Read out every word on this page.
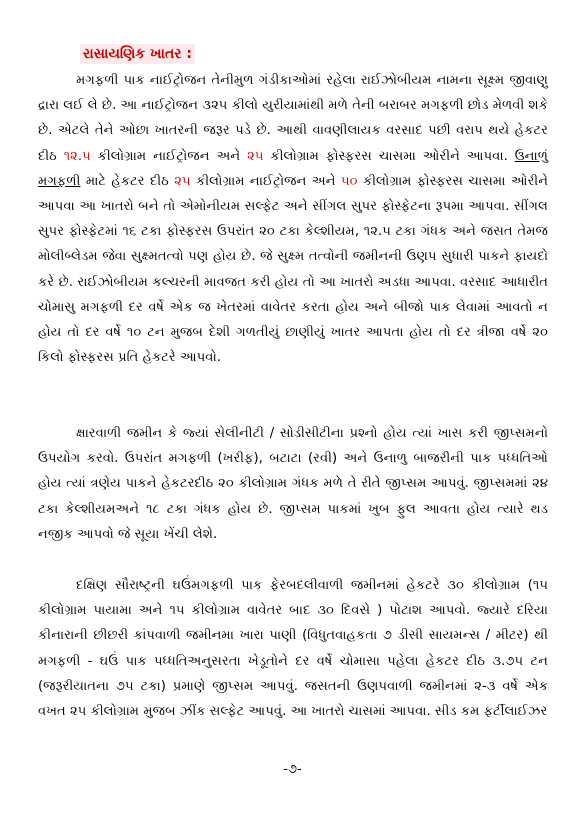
રાસાયણિક ખાતર :

મગફળી પાક નાઈટ્રોજન તેનીમુળ ગંડીકાઓમાં રહેલા રાઈઝોબીયમ નામના સૂક્ષ્મ જીવાણુ દ્રારા લઈ લે છે. આ નાઈટ્રોજન ૩૨૫ કીલો યુરીયામાંથી મળે તેની બરાબર મગફળી છોડ મેળવી શકે છે. એટલે તેને ઓછા ખાતરની જરૂર પડે છે. આથી વાવણીલાયક વરસાદ પછી વરાપ થયે હેકટર દીઠ ૧૨.૫ કીલોગ્રામ નાઈટ્રોજન અને ૨૫ કીલોગ્રામ ફોસ્ફરસ ચાસમા ઓરીને આપવા. ઉનાળું મગફળી માટે હેકટર દીઠ ૨૫ કીલોગ્રામ નાઈટ્રોજન અને ૫૦ કીલોગ્રામ ફોસ્ફરસ ચાસમા ઓરીને આપવા આ ખાતરો બને તો એમોનીયમ સલ્ફેટ અને સીંગલ સુપર ફોસ્ફેટના રૂપમા આપવા. સીંગલ સુપર ફોસ્ફેટમાં ૧૬ ટકા ફોસ્ફરસ ઉપરાંત ૨૦ ટકા કેલ્શીયમ, ૧૨.૫ ટકા ગંધક અને જસત તેમજ મોલીબ્લેડમ જેવા સુક્ષ્મતત્વો પણ હોય છે. જે સુક્ષ્મ તત્વોની જમીનની ઉણપ સુધારી પાકને ફાયદો કરે છે. રાઈઝોબીયમ કલ્ચરની માવજત કરી હોય તો આ ખાતરો અડધા આપવા. વરસાદ આધારીત ચોમાસુ મગફળી દર વર્ષે એક જ ખેતરમાં વાવેતર કરતા હોય અને બીજો પાક લેવામાં આવતો ન હોય તો દર વર્ષે ૧૦ ટન મુજબ દેશી ગળતીયું છાણીયું ખાતર આપતા હોય તો દર ત્રીજા વર્ષે ૨૦ કિલો ફોસ્ફરસ પ્રતિ હેકટરે આપવો.

ક્ષારવાળી જમીન કે જ્યાં સેલીનીટી / સોડીસીટીના પ્રશ્નો હોય ત્યાં ખાસ કરી જીપ્સમનો ઉપયોગ કરવો. ઉપરાંત મગફળી (ખરીફ), બટાટા (રવી) અને ઉનાળુ બાજરીની પાક પધ્ધતિઓ હોય ત્યાં ત્રણેય પાકને હેકટરદીઠ ૨૦ કીલોગ્રામ ગંધક મળે તે રીતે જીપ્સમ આપવું. જીપ્સમમાં ૨૪ ટકા કેલ્શીયમઅને ૧૮ ટકા ગંધક હોય છે. જીપ્સમ પાકમાં ખુબ ફુલ આવતા હોય ત્યારે થડ નજીક આપવો જે સૂયા ખેંચી લેશે.

દક્ષિણ સૌરાષ્ટ્રની ઘઉંમગફળી પાક ફેરબદલીવાળી જમીનમાં હેકટરે ૩૦ કીલોગ્રામ (૧૫ કીલોગ્રામ પાયામા અને ૧૫ કીલોગ્રામ વાવેતર બાદ ૩૦ દિવસે ) પોટાશ આપવો. જ્યારે દરિયા કીનારાની છીછરી કાંપવાળી જમીનમા ખારા પાણી (વિધુતવાહકતા ૭ ડીસી સાયમન્સ / મીટર) થી મગફળી - ઘઉં પાક પધ્ધતિઅનુસરતા ખેડૂતોને દર વર્ષે ચોમાસા પહેલા હેકટર દીઠ ૩.૭૫ ટન (જરૂરીયાતના ૭૫ ટકા) પ્રમાણે જીપ્સમ આપવું. જસતની ઉણપવાળી જમીનમાં ૨-૩ વર્ષે એક વખત ૨૫ કીલોગ્રામ મુજબ ઝીંક સલ્ફેટ આપવું. આ ખાતરો ચાસમાં આપવા. સીડ કમ ફર્ટીલાઈઝર

-૭-
